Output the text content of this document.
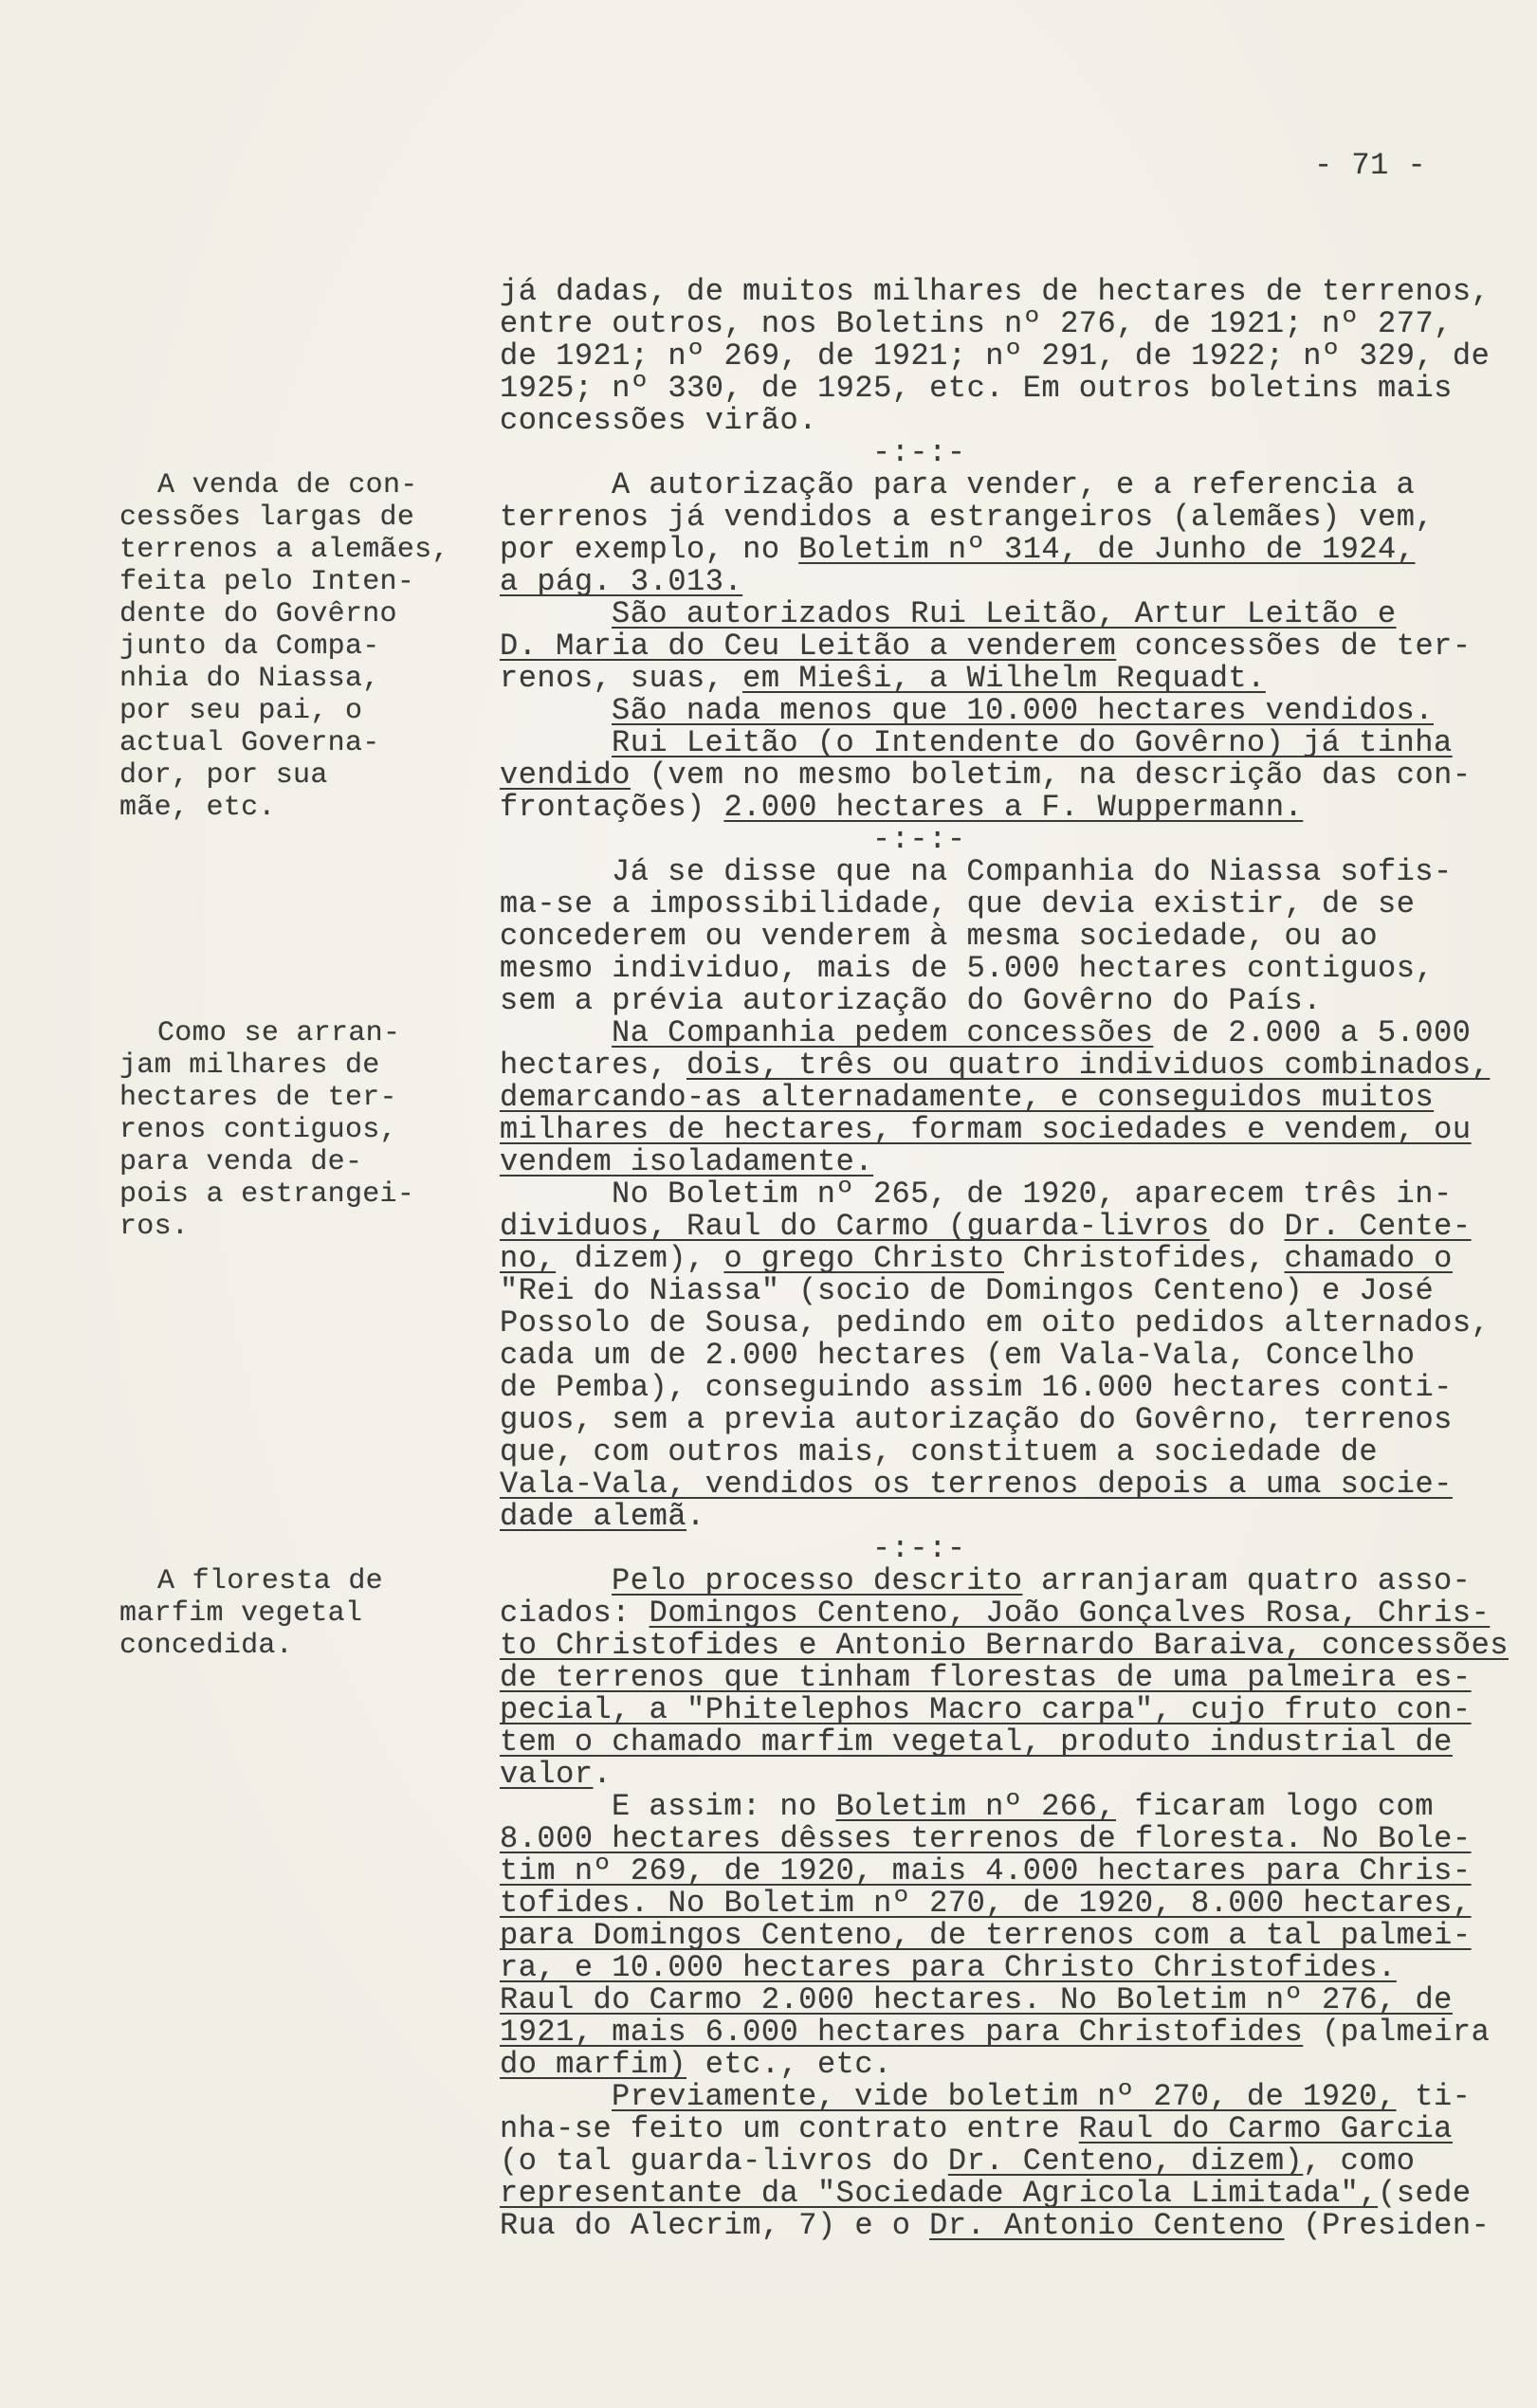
- 71 -
já dadas, de muitos milhares de hectares de terrenos,
entre outros, nos Boletins nº 276, de 1921; nº 277,
de 1921; nº 269, de 1921; nº 291, de 1922; nº 329, de
1925; nº 330, de 1925, etc. Em outros boletins mais
concessões virão.
-:-:-
A autorização para vender, e a referencia a
terrenos já vendidos a estrangeiros (alemães) vem,
por exemplo, no Boletim nº 314, de Junho de 1924,
a pág. 3.013.
São autorizados Rui Leitão, Artur Leitão e
D. Maria do Ceu Leitão a venderem concessões de ter-
renos, suas, em Mieŝi, a Wilhelm Requadt.
São nada menos que 10.000 hectares vendidos.
Rui Leitão (o Intendente do Govêrno) já tinha
vendido (vem no mesmo boletim, na descrição das con-
frontações) 2.000 hectares a F. Wuppermann.
-:-:-
Já se disse que na Companhia do Niassa sofis-
ma-se a impossibilidade, que devia existir, de se
concederem ou venderem à mesma sociedade, ou ao
mesmo individuo, mais de 5.000 hectares contiguos,
sem a prévia autorização do Govêrno do País.
Na Companhia pedem concessões de 2.000 a 5.000
hectares, dois, três ou quatro individuos combinados,
demarcando-as alternadamente, e conseguidos muitos
milhares de hectares, formam sociedades e vendem, ou
vendem isoladamente.
No Boletim nº 265, de 1920, aparecem três in-
dividuos, Raul do Carmo (guarda-livros do Dr. Cente-
no, dizem), o grego Christo Christofides, chamado o
"Rei do Niassa" (socio de Domingos Centeno) e José
Possolo de Sousa, pedindo em oito pedidos alternados,
cada um de 2.000 hectares (em Vala-Vala, Concelho
de Pemba), conseguindo assim 16.000 hectares conti-
guos, sem a previa autorização do Govêrno, terrenos
que, com outros mais, constituem a sociedade de
Vala-Vala, vendidos os terrenos depois a uma socie-
dade alemã.
-:-:-
Pelo processo descrito arranjaram quatro asso-
ciados: Domingos Centeno, João Gonçalves Rosa, Chris-
to Christofides e Antonio Bernardo Baraiva, concessões
de terrenos que tinham florestas de uma palmeira es-
pecial, a "Phitelephos Macro carpa", cujo fruto con-
tem o chamado marfim vegetal, produto industrial de
valor.
E assim: no Boletim nº 266, ficaram logo com
8.000 hectares dêsses terrenos de floresta. No Bole-
tim nº 269, de 1920, mais 4.000 hectares para Chris-
tofides. No Boletim nº 270, de 1920, 8.000 hectares,
para Domingos Centeno, de terrenos com a tal palmei-
ra, e 10.000 hectares para Christo Christofides.
Raul do Carmo 2.000 hectares. No Boletim nº 276, de
1921, mais 6.000 hectares para Christofides (palmeira
do marfim) etc., etc.
Previamente, vide boletim nº 270, de 1920, ti-
nha-se feito um contrato entre Raul do Carmo Garcia
(o tal guarda-livros do Dr. Centeno, dizem), como
representante da "Sociedade Agricola Limitada",(sede
Rua do Alecrim, 7) e o Dr. Antonio Centeno (Presiden-
A venda de con-
cessões largas de
terrenos a alemães,
feita pelo Inten-
dente do Govêrno
junto da Compa-
nhia do Niassa,
por seu pai, o
actual Governa-
dor, por sua
mãe, etc.
Como se arran-
jam milhares de
hectares de ter-
renos contiguos,
para venda de-
pois a estrangei-
ros.
A floresta de
marfim vegetal
concedida.
